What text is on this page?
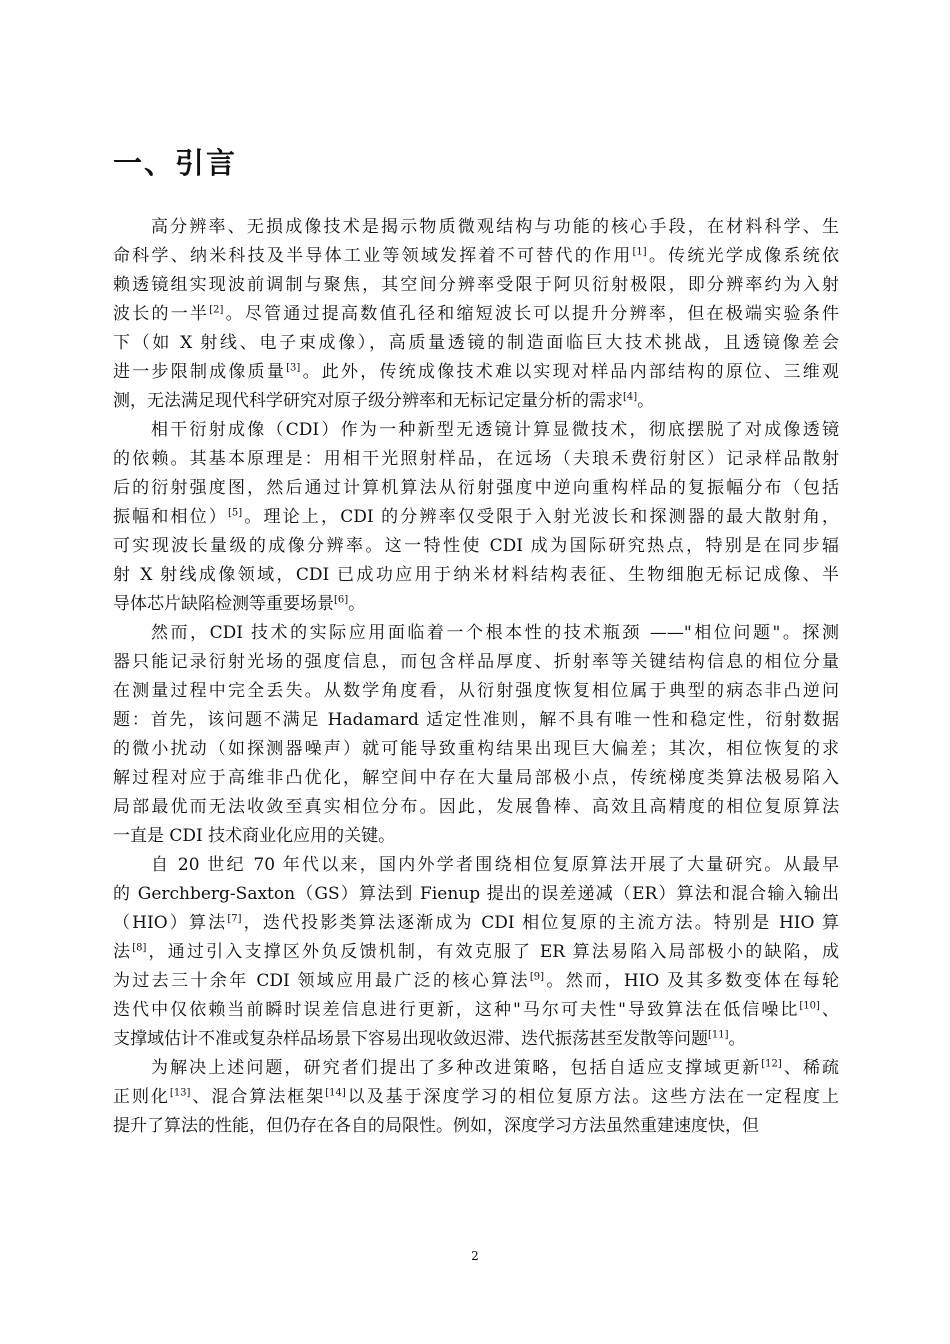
一、引言
高分辨率、无损成像技术是揭示物质微观结构与功能的核心手段，在材料科学、生
命科学、纳米科技及半导体工业等领域发挥着不可替代的作用[1]。传统光学成像系统依
赖透镜组实现波前调制与聚焦，其空间分辨率受限于阿贝衍射极限，即分辨率约为入射
波长的一半[2]。尽管通过提高数值孔径和缩短波长可以提升分辨率，但在极端实验条件
下（如 X 射线、电子束成像），高质量透镜的制造面临巨大技术挑战，且透镜像差会
进一步限制成像质量[3]。此外，传统成像技术难以实现对样品内部结构的原位、三维观
测，无法满足现代科学研究对原子级分辨率和无标记定量分析的需求[4]。
相干衍射成像（CDI）作为一种新型无透镜计算显微技术，彻底摆脱了对成像透镜
的依赖。其基本原理是：用相干光照射样品，在远场（夫琅禾费衍射区）记录样品散射
后的衍射强度图，然后通过计算机算法从衍射强度中逆向重构样品的复振幅分布（包括
振幅和相位）[5]。理论上，CDI 的分辨率仅受限于入射光波长和探测器的最大散射角，
可实现波长量级的成像分辨率。这一特性使 CDI 成为国际研究热点，特别是在同步辐
射 X 射线成像领域，CDI 已成功应用于纳米材料结构表征、生物细胞无标记成像、半
导体芯片缺陷检测等重要场景[6]。
然而，CDI 技术的实际应用面临着一个根本性的技术瓶颈 ——"相位问题"。探测
器只能记录衍射光场的强度信息，而包含样品厚度、折射率等关键结构信息的相位分量
在测量过程中完全丢失。从数学角度看，从衍射强度恢复相位属于典型的病态非凸逆问
题：首先，该问题不满足 Hadamard 适定性准则，解不具有唯一性和稳定性，衍射数据
的微小扰动（如探测器噪声）就可能导致重构结果出现巨大偏差；其次，相位恢复的求
解过程对应于高维非凸优化，解空间中存在大量局部极小点，传统梯度类算法极易陷入
局部最优而无法收敛至真实相位分布。因此，发展鲁棒、高效且高精度的相位复原算法
一直是 CDI 技术商业化应用的关键。
自 20 世纪 70 年代以来，国内外学者围绕相位复原算法开展了大量研究。从最早
的 Gerchberg-Saxton（GS）算法到 Fienup 提出的误差递减（ER）算法和混合输入输出
（HIO）算法[7]，迭代投影类算法逐渐成为 CDI 相位复原的主流方法。特别是 HIO 算
法[8]，通过引入支撑区外负反馈机制，有效克服了 ER 算法易陷入局部极小的缺陷，成
为过去三十余年 CDI 领域应用最广泛的核心算法[9]。然而，HIO 及其多数变体在每轮
迭代中仅依赖当前瞬时误差信息进行更新，这种"马尔可夫性"导致算法在低信噪比[10]、
支撑域估计不准或复杂样品场景下容易出现收敛迟滞、迭代振荡甚至发散等问题[11]。
为解决上述问题，研究者们提出了多种改进策略，包括自适应支撑域更新[12]、稀疏
正则化[13]、混合算法框架[14]以及基于深度学习的相位复原方法。这些方法在一定程度上
提升了算法的性能，但仍存在各自的局限性。例如，深度学习方法虽然重建速度快，但
2
